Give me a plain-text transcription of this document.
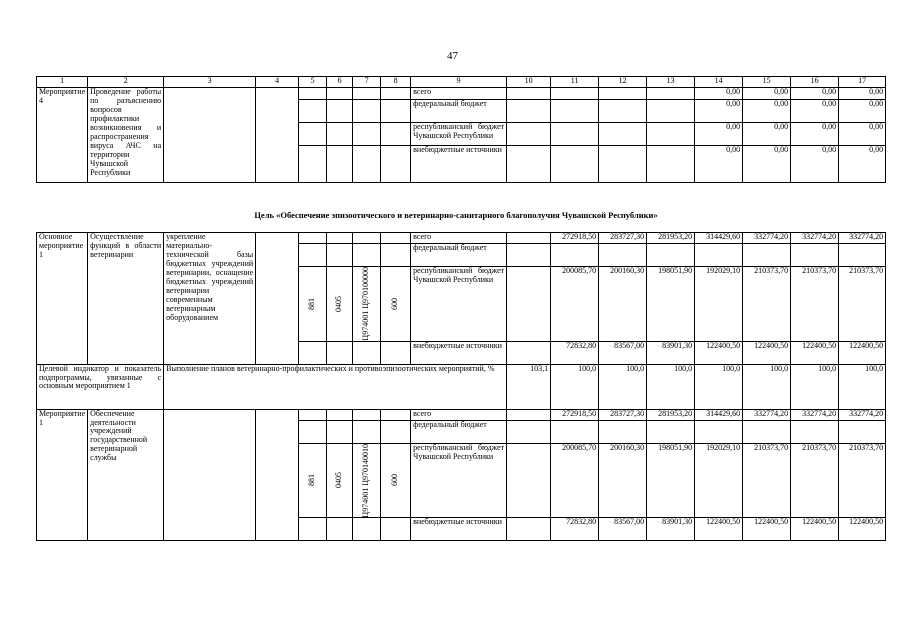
47
1	2	3	4	5	6	7	8	9	10	11	12	13	14	15	16	17
Мероприятие 4	Проведение работы по разъяснению вопросов профилактики возникновения и распространения вируса АЧС на территории Чувашской Республики							всего					0,00	0,00	0,00	0,00
								федеральный бюджет					0,00	0,00	0,00	0,00
								республиканский бюджет Чувашской Республики					0,00	0,00	0,00	0,00
								внебюджетные источники					0,00	0,00	0,00	0,00
Цель «Обеспечение эпизоотического и ветеринарно-санитарного благополучия Чувашской Республики»
Основное мероприятие 1	Осуществление функций в области ветеринарии	укрепление материально-технической базы бюджетных учреждений ветеринарии, оснащение бюджетных учреждений ветеринарии современным ветеринарным оборудованием						всего		272918,50	283727,30	281953,20	314429,60	332774,20	332774,20	332774,20
								федеральный бюджет								

				881	0405	Ц974001 Ц970100000	600	республиканский бюджет Чувашской Республики		200085,70	200160,30	198051,90	192029,10	210373,70	210373,70	210373,70
								внебюджетные источники		72832,80	83567,00	83901,30	122400,50	122400,50	122400,50	122400,50
Целевой индикатор и показатель подпрограммы, увязанные с основным мероприятием 1		Выполнение планов ветеринарно-профилактических и противоэпизоотических мероприятий, %							103,1	100,0	100,0	100,0	100,0	100,0	100,0	100,0
Мероприятие 1	Обеспечение деятельности учреждений государственной ветеринарной службы							всего		272918,50	283727,30	281953,20	314429,60	332774,20	332774,20	332774,20
								федеральный бюджет								

				881	0405	Ц974001 Ц970140010	600	республиканский бюджет Чувашской Республики		200085,70	200160,30	198051,90	192029,10	210373,70	210373,70	210373,70
								внебюджетные источники		72832,80	83567,00	83901,30	122400,50	122400,50	122400,50	122400,50
